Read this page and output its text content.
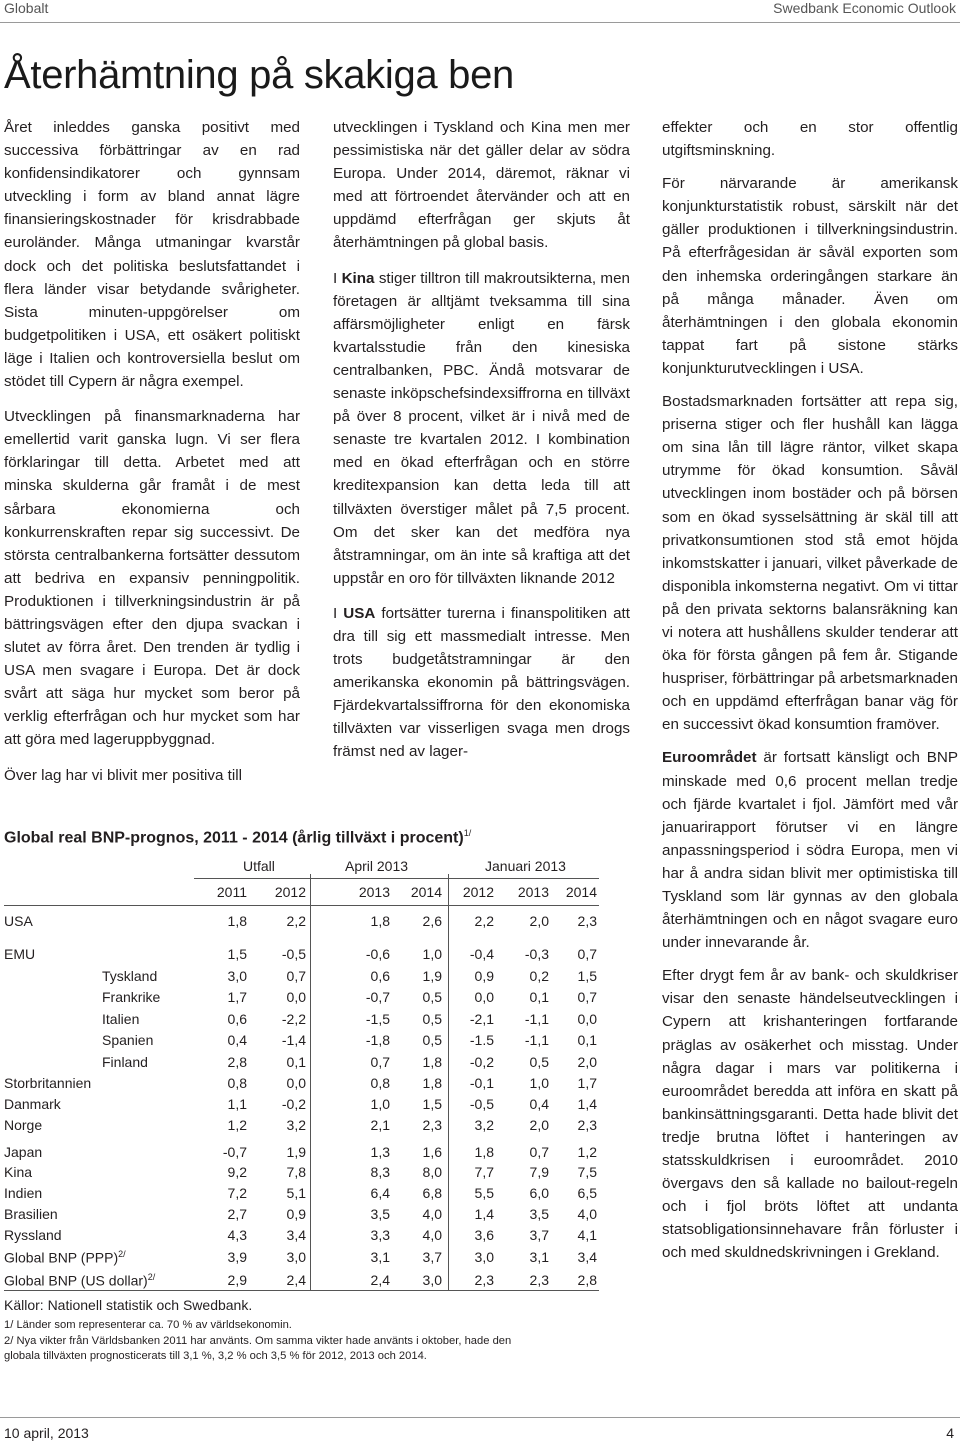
Globalt	Swedbank Economic Outlook
Återhämtning på skakiga ben

Året inleddes ganska positivt med successiva förbättringar av en rad konfidensindikatorer och gynnsam utveckling i form av bland annat lägre finansieringskostnader för krisdrabbade euroländer. Många utmaningar kvarstår dock och det politiska beslutsfattandet i flera länder visar betydande svårigheter. Sista minuten-uppgörelser om budgetpolitiken i USA, ett osäkert politiskt läge i Italien och kontroversiella beslut om stödet till Cypern är några exempel.

Utvecklingen på finansmarknaderna har emellertid varit ganska lugn. Vi ser flera förklaringar till detta. Arbetet med att minska skulderna går framåt i de mest sårbara ekonomierna och konkurrenskraften repar sig successivt. De största centralbankerna fortsätter dessutom att bedriva en expansiv penningpolitik. Produktionen i tillverkningsindustrin är på bättringsvägen efter den djupa svackan i slutet av förra året. Den trenden är tydlig i USA men svagare i Europa. Det är dock svårt att säga hur mycket som beror på verklig efterfrågan och hur mycket som har att göra med lageruppbyggnad.

Över lag har vi blivit mer positiva till

utvecklingen i Tyskland och Kina men mer pessimistiska när det gäller delar av södra Europa. Under 2014, däremot, räknar vi med att förtroendet återvänder och att en uppdämd efterfrågan ger skjuts åt återhämtningen på global basis.

I Kina stiger tilltron till makroutsikterna, men företagen är alltjämt tveksamma till sina affärsmöjligheter enligt en färsk kvartalsstudie från den kinesiska centralbanken, PBC. Ändå motsvarar de senaste inköpschefsindexsiffrorna en tillväxt på över 8 procent, vilket är i nivå med de senaste tre kvartalen 2012. I kombination med en ökad efterfrågan och en större kreditexpansion kan detta leda till att tillväxten överstiger målet på 7,5 procent. Om det sker kan det medföra nya åtstramningar, om än inte så kraftiga att det uppstår en oro för tillväxten liknande 2012

I USA fortsätter turerna i finanspolitiken att dra till sig ett massmedialt intresse. Men trots budgetåtstramningar är den amerikanska ekonomin på bättringsvägen. Fjärdekvartalssiffrorna för den ekonomiska tillväxten var visserligen svaga men drogs främst ned av lager-

effekter och en stor offentlig utgiftsminskning.

För närvarande är amerikansk konjunkturstatistik robust, särskilt när det gäller produktionen i tillverkningsindustrin. På efterfrågesidan är såväl exporten som den inhemska orderingången starkare än på många månader. Även om återhämtningen i den globala ekonomin tappat fart på sistone stärks konjunkturutvecklingen i USA.

Bostadsmarknaden fortsätter att repa sig, priserna stiger och fler hushåll kan lägga om sina lån till lägre räntor, vilket skapa utrymme för ökad konsumtion. Såväl utvecklingen inom bostäder och på börsen som en ökad sysselsättning är skäl till att privatkonsumtionen stod stå emot höjda inkomstskatter i januari, vilket påverkade de disponibla inkomsterna negativt. Om vi tittar på den privata sektorns balansräkning kan vi notera att hushållens skulder tenderar att öka för första gången på fem år. Stigande huspriser, förbättringar på arbetsmarknaden och en uppdämd efterfrågan banar väg för en successivt ökad konsumtion framöver.

Euroområdet är fortsatt känsligt och BNP minskade med 0,6 procent mellan tredje och fjärde kvartalet i fjol. Jämfört med vår januarirapport förutser vi en längre anpassningsperiod i södra Europa, men vi har å andra sidan blivit mer optimistiska till Tyskland som lär gynnas av den globala återhämtningen och en något svagare euro under innevarande år.

Efter drygt fem år av bank- och skuldkriser visar den senaste händelseutvecklingen i Cypern att krishanteringen fortfarande präglas av osäkerhet och misstag. Under några dagar i mars var politikerna i euroområdet beredda att införa en skatt på bankinsättningsgaranti. Detta hade blivit det tredje brutna löftet i hanteringen av statsskuldkrisen i euroområdet. 2010 övergavs den så kallade no bailout-regeln och i fjol bröts löftet att undanta statsobligationsinnehavare från förluster i och med skuldnedskrivningen i Grekland.

Global real BNP-prognos, 2011 - 2014 (årlig tillväxt i procent)$^{1/}$
Utfall	April 2013	Januari 2013
2011	2012	2013	2014	2012	2013	2014
USA	1,8	2,2	1,8	2,6	2,2	2,0	2,3
EMU	1,5	-0,5	-0,6	1,0	-0,4	-0,3	0,7
Tyskland	3,0	0,7	0,6	1,9	0,9	0,2	1,5
Frankrike	1,7	0,0	-0,7	0,5	0,0	0,1	0,7
Italien	0,6	-2,2	-1,5	0,5	-2,1	-1,1	0,0
Spanien	0,4	-1,4	-1,8	0,5	-1.5	-1,1	0,1
Finland	2,8	0,1	0,7	1,8	-0,2	0,5	2,0
Storbritannien	0,8	0,0	0,8	1,8	-0,1	1,0	1,7
Danmark	1,1	-0,2	1,0	1,5	-0,5	0,4	1,4
Norge	1,2	3,2	2,1	2,3	3,2	2,0	2,3
Japan	-0,7	1,9	1,3	1,6	1,8	0,7	1,2
Kina	9,2	7,8	8,3	8,0	7,7	7,9	7,5
Indien	7,2	5,1	6,4	6,8	5,5	6,0	6,5
Brasilien	2,7	0,9	3,5	4,0	1,4	3,5	4,0
Ryssland	4,3	3,4	3,3	4,0	3,6	3,7	4,1
Global BNP (PPP)$^{2/}$	3,9	3,0	3,1	3,7	3,0	3,1	3,4
Global BNP (US dollar)$^{2/}$	2,9	2,4	2,4	3,0	2,3	2,3	2,8
Källor: Nationell statistik och Swedbank.
1/ Länder som representerar ca. 70 % av världsekonomin.
2/ Nya vikter från Världsbanken 2011 har använts. Om samma vikter hade använts i oktober, hade den globala tillväxten prognosticerats till 3,1 %, 3,2 % och 3,5 % för 2012, 2013 och 2014.
10 april, 2013	4
